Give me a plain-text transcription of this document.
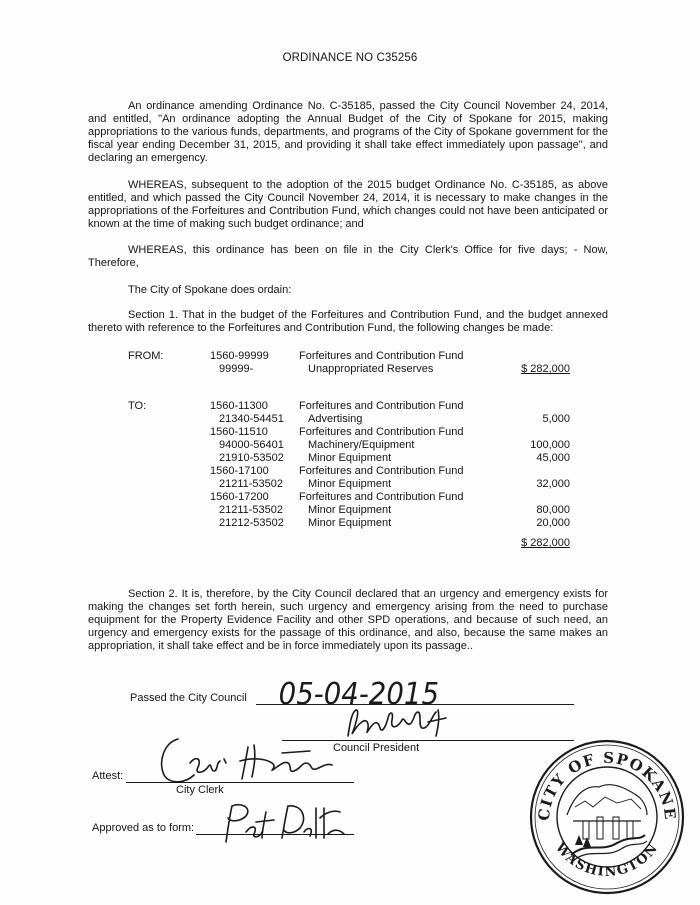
ORDINANCE NO C35256

An ordinance amending Ordinance No. C-35185, passed the City Council November 24, 2014, and entitled, "An ordinance adopting the Annual Budget of the City of Spokane for 2015, making appropriations to the various funds, departments, and programs of the City of Spokane government for the fiscal year ending December 31, 2015, and providing it shall take effect immediately upon passage", and declaring an emergency.

WHEREAS, subsequent to the adoption of the 2015 budget Ordinance No. C-35185, as above entitled, and which passed the City Council November 24, 2014, it is necessary to make changes in the appropriations of the Forfeitures and Contribution Fund, which changes could not have been anticipated or known at the time of making such budget ordinance; and

WHEREAS, this ordinance has been on file in the City Clerk's Office for five days; - Now, Therefore,

The City of Spokane does ordain:

Section 1. That in the budget of the Forfeitures and Contribution Fund, and the budget annexed thereto with reference to the Forfeitures and Contribution Fund, the following changes be made:

FROM:	1560-99999	Forfeitures and Contribution Fund
99999-	Unappropriated Reserves	$ 282,000
TO:	1560-11300	Forfeitures and Contribution Fund
21340-54451 Advertising	5,000
1560-11510	Forfeitures and Contribution Fund
94000-56401 Machinery/Equipment	100,000
21910-53502 Minor Equipment	45,000
1560-17100	Forfeitures and Contribution Fund
21211-53502 Minor Equipment	32,000
1560-17200	Forfeitures and Contribution Fund
21211-53502 Minor Equipment	80,000
21212-53502 Minor Equipment	20,000
$ 282,000

Section 2. It is, therefore, by the City Council declared that an urgency and emergency exists for making the changes set forth herein, such urgency and emergency arising from the need to purchase equipment for the Property Evidence Facility and other SPD operations, and because of such need, an urgency and emergency exists for the passage of this ordinance, and also, because the same makes an appropriation, it shall take effect and be in force immediately upon its passage..

Passed the City Council 05-04-2015
Council President
Attest:
City Clerk
Approved as to form:
CITY OF SPOKANE
WASHINGTON
